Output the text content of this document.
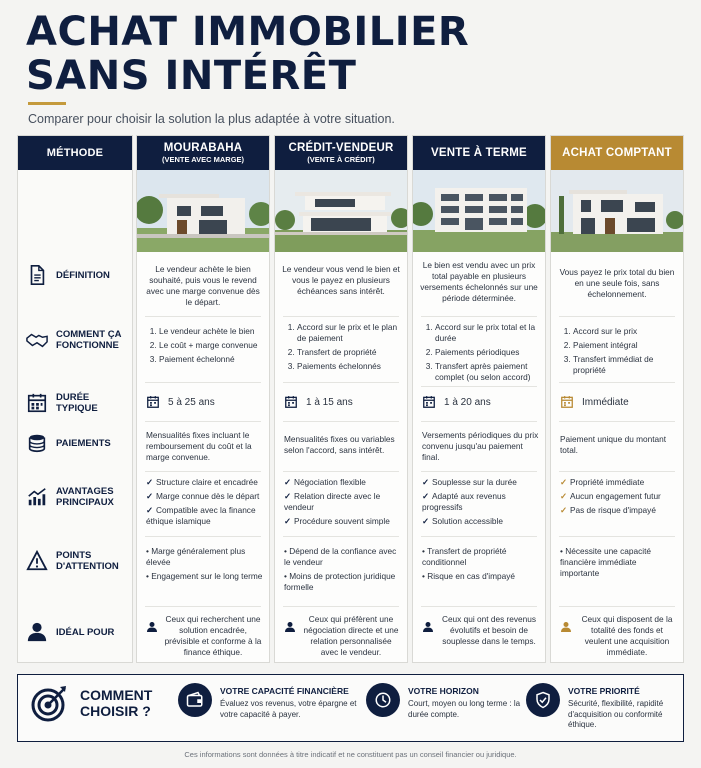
ACHAT IMMOBILIER
SANS INTÉRÊT
Comparer pour choisir la solution la plus adaptée à votre situation.
MÉTHODE
DÉFINITION
COMMENT ÇA FONCTIONNE
DURÉE TYPIQUE
PAIEMENTS
AVANTAGES PRINCIPAUX
POINTS D'ATTENTION
IDÉAL POUR
MOURABAHA
(VENTE AVEC MARGE)
Le vendeur achète le bien souhaité, puis vous le revend avec une marge convenue dès le départ.
1. Le vendeur achète le bien
2. Le coût + marge convenue
3. Paiement échelonné
5 à 25 ans
Mensualités fixes incluant le remboursement du coût et la marge convenue.
✓ Structure claire et encadrée
✓ Marge connue dès le départ
✓ Compatible avec la finance éthique islamique
• Marge généralement plus élevée
• Engagement sur le long terme
Ceux qui recherchent une solution encadrée, prévisible et conforme à la finance éthique.
CRÉDIT-VENDEUR
(VENTE À CRÉDIT)
Le vendeur vous vend le bien et vous le payez en plusieurs échéances sans intérêt.
1. Accord sur le prix et le plan de paiement
2. Transfert de propriété
3. Paiements échelonnés
1 à 15 ans
Mensualités fixes ou variables selon l'accord, sans intérêt.
✓ Négociation flexible
✓ Relation directe avec le vendeur
✓ Procédure souvent simple
• Dépend de la confiance avec le vendeur
• Moins de protection juridique formelle
Ceux qui préfèrent une négociation directe et une relation personnalisée avec le vendeur.
VENTE À TERME
Le bien est vendu avec un prix total payable en plusieurs versements échelonnés sur une période déterminée.
1. Accord sur le prix total et la durée
2. Paiements périodiques
3. Transfert après paiement complet (ou selon accord)
1 à 20 ans
Versements périodiques du prix convenu jusqu'au paiement final.
✓ Souplesse sur la durée
✓ Adapté aux revenus progressifs
✓ Solution accessible
• Transfert de propriété conditionnel
• Risque en cas d'impayé
Ceux qui ont des revenus évolutifs et besoin de souplesse dans le temps.
ACHAT COMPTANT
Vous payez le prix total du bien en une seule fois, sans échelonnement.
1. Accord sur le prix
2. Paiement intégral
3. Transfert immédiat de propriété
Immédiate
Paiement unique du montant total.
✓ Propriété immédiate
✓ Aucun engagement futur
✓ Pas de risque d'impayé
• Nécessite une capacité financière immédiate importante
Ceux qui disposent de la totalité des fonds et veulent une acquisition immédiate.
COMMENT CHOISIR ?
VOTRE CAPACITÉ FINANCIÈRE
Évaluez vos revenus, votre épargne et votre capacité à payer.
VOTRE HORIZON
Court, moyen ou long terme : la durée compte.
VOTRE PRIORITÉ
Sécurité, flexibilité, rapidité d'acquisition ou conformité éthique.
Ces informations sont données à titre indicatif et ne constituent pas un conseil financier ou juridique.
